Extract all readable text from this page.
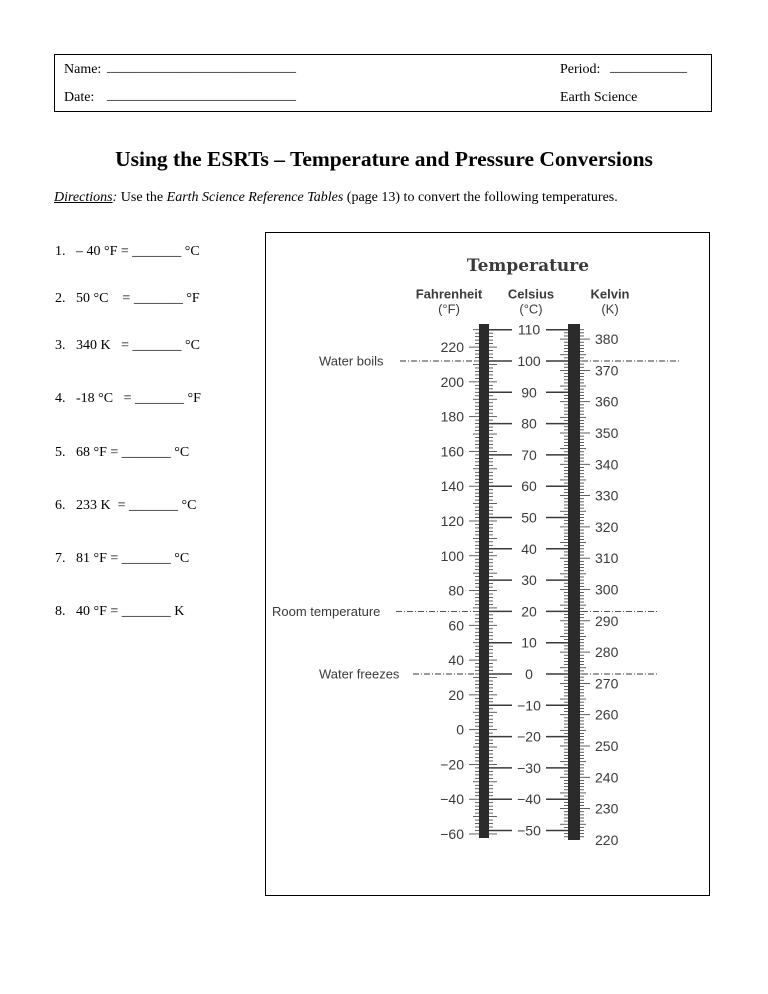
Name: ___________________________	Period: ___________
Date: ___________________________	Earth Science
Using the ESRTs – Temperature and Pressure Conversions
Directions: Use the Earth Science Reference Tables (page 13) to convert the following temperatures.
1.   – 40 °F = _______ °C
2.   50 °C    = _______ °F
3.   340 K   = _______ °C
4.   -18 °C   = _______ °F
5.   68 °F = _______ °C
6.   233 K  = _______ °C
7.   81 °F = _______ °C
8.   40 °F = _______ K
Temperature
Fahrenheit
(°F)
Celsius
(°C)
Kelvin
(K)
110
100
90
80
70
60
50
40
30
20
10
0
−10
−20
−30
−40
−50
220
200
180
160
140
120
100
80
60
40
20
0
−20
−40
−60
380
370
360
350
340
330
320
310
300
290
280
270
260
250
240
230
220
Water boils
Room temperature
Water freezes
